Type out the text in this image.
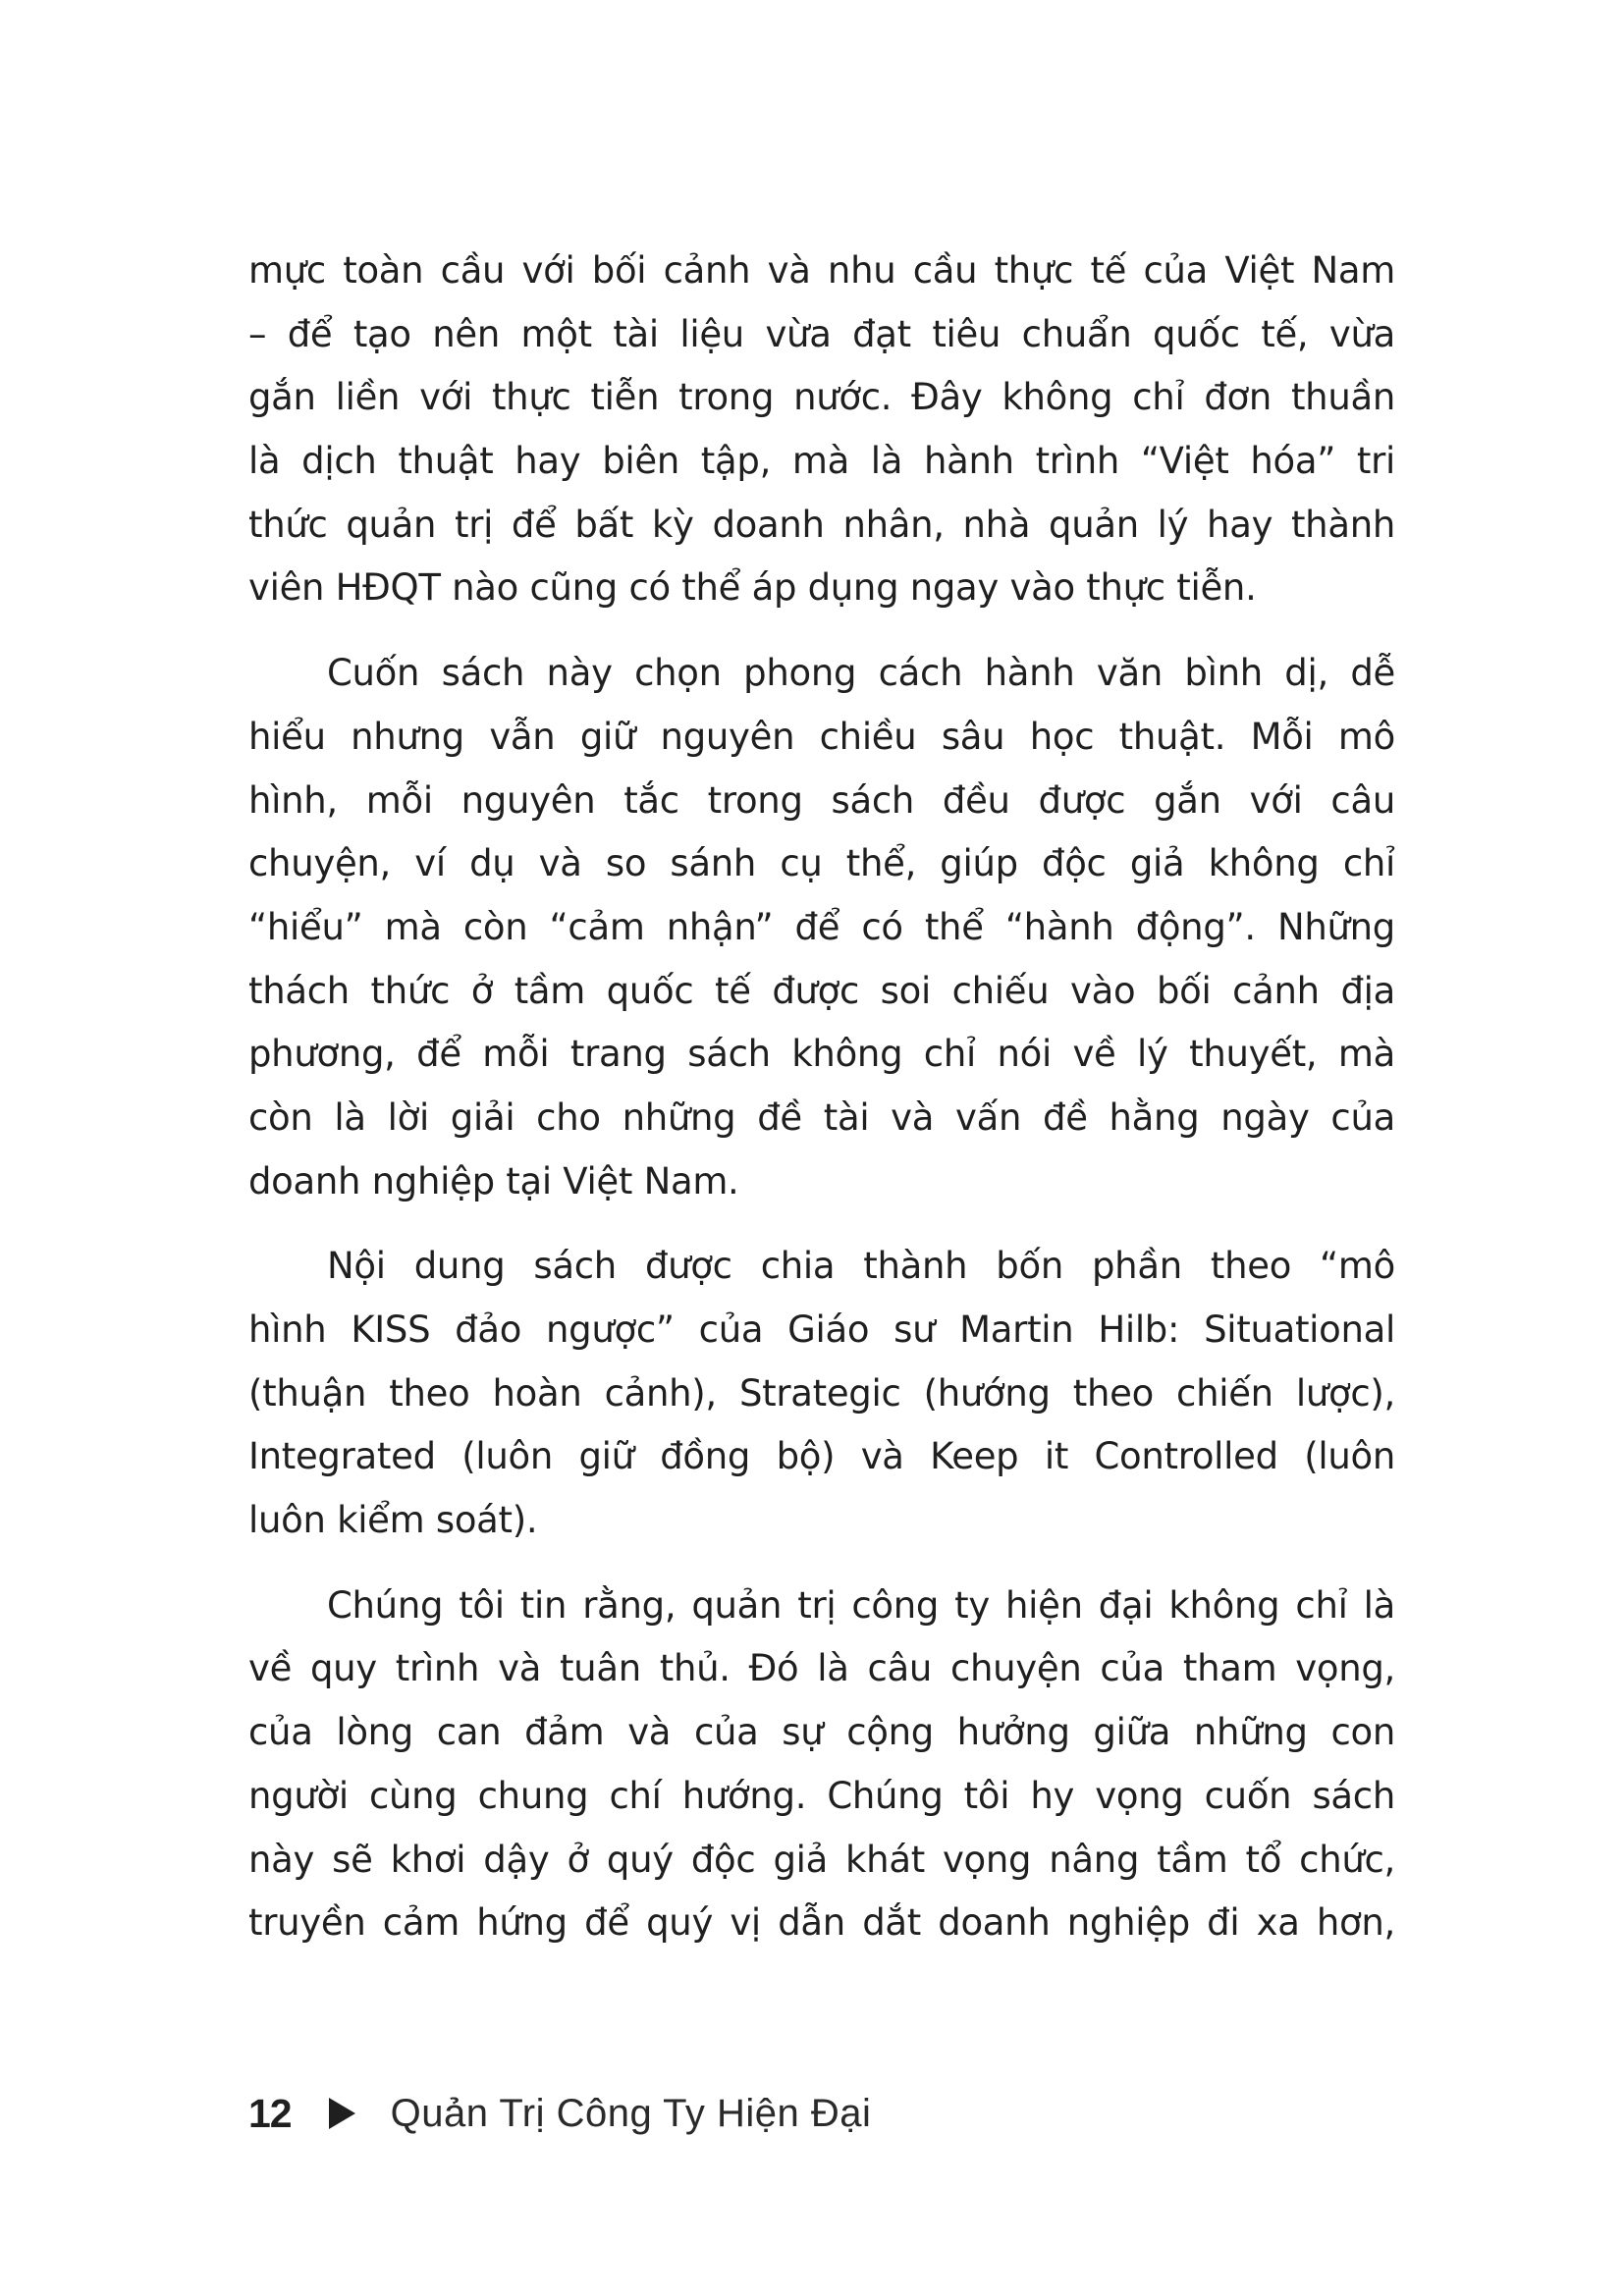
mực toàn cầu với bối cảnh và nhu cầu thực tế của Việt Nam
– để tạo nên một tài liệu vừa đạt tiêu chuẩn quốc tế, vừa
gắn liền với thực tiễn trong nước. Đây không chỉ đơn thuần
là dịch thuật hay biên tập, mà là hành trình “Việt hóa” tri
thức quản trị để bất kỳ doanh nhân, nhà quản lý hay thành
viên HĐQT nào cũng có thể áp dụng ngay vào thực tiễn.

Cuốn sách này chọn phong cách hành văn bình dị, dễ
hiểu nhưng vẫn giữ nguyên chiều sâu học thuật. Mỗi mô
hình, mỗi nguyên tắc trong sách đều được gắn với câu
chuyện, ví dụ và so sánh cụ thể, giúp độc giả không chỉ
“hiểu” mà còn “cảm nhận” để có thể “hành động”. Những
thách thức ở tầm quốc tế được soi chiếu vào bối cảnh địa
phương, để mỗi trang sách không chỉ nói về lý thuyết, mà
còn là lời giải cho những đề tài và vấn đề hằng ngày của
doanh nghiệp tại Việt Nam.

Nội dung sách được chia thành bốn phần theo “mô
hình KISS đảo ngược” của Giáo sư Martin Hilb: Situational
(thuận theo hoàn cảnh), Strategic (hướng theo chiến lược),
Integrated (luôn giữ đồng bộ) và Keep it Controlled (luôn
luôn kiểm soát).

Chúng tôi tin rằng, quản trị công ty hiện đại không chỉ là
về quy trình và tuân thủ. Đó là câu chuyện của tham vọng,
của lòng can đảm và của sự cộng hưởng giữa những con
người cùng chung chí hướng. Chúng tôi hy vọng cuốn sách
này sẽ khơi dậy ở quý độc giả khát vọng nâng tầm tổ chức,
truyền cảm hứng để quý vị dẫn dắt doanh nghiệp đi xa hơn,

12	Quản Trị Công Ty Hiện Đại
